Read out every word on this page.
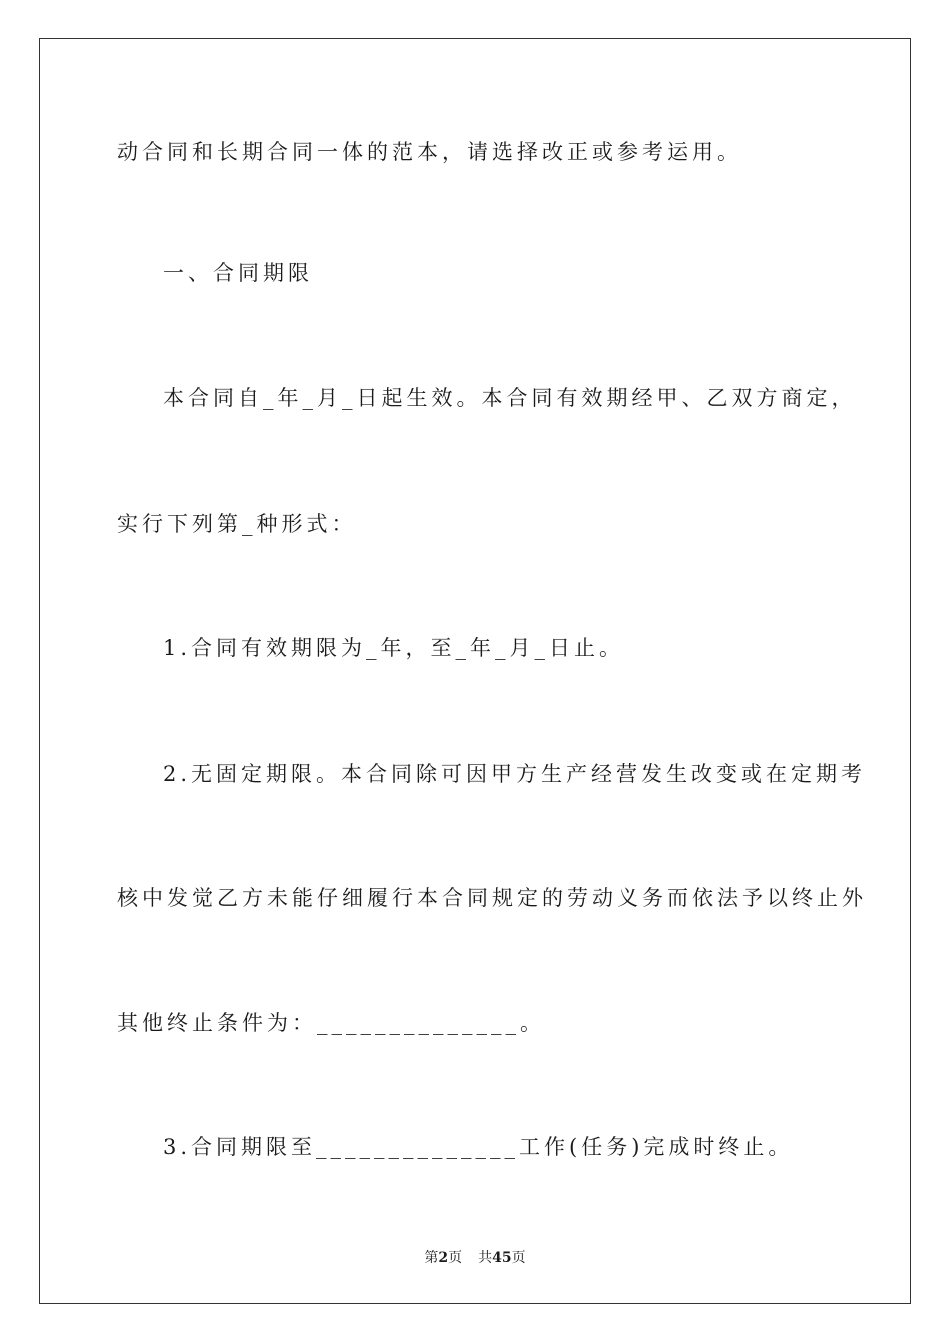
动合同和长期合同一体的范本，请选择改正或参考运用。
一、合同期限
本合同自_年_月_日起生效。本合同有效期经甲、乙双方商定，
实行下列第_种形式：
1.合同有效期限为_年，至_年_月_日止。
2.无固定期限。本合同除可因甲方生产经营发生改变或在定期考
核中发觉乙方未能仔细履行本合同规定的劳动义务而依法予以终止外
其他终止条件为：______________。
3.合同期限至______________工作(任务)完成时终止。
第2页 共45页
